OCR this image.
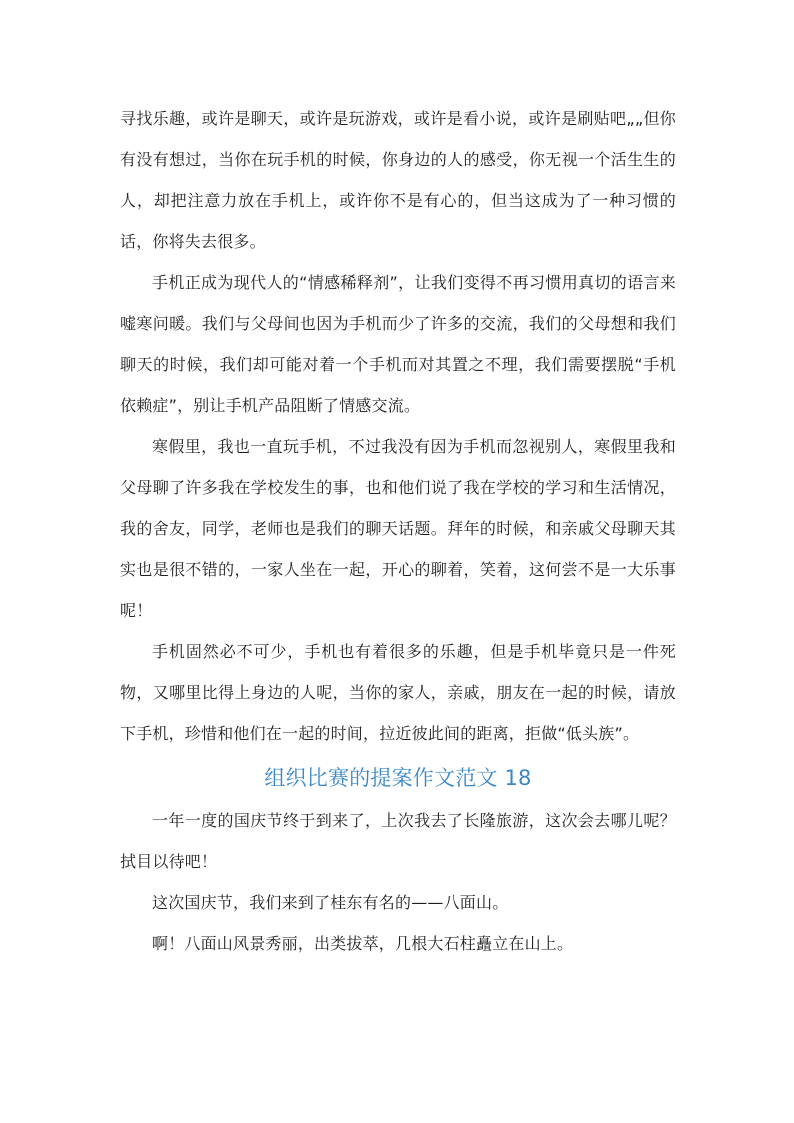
寻找乐趣，或许是聊天，或许是玩游戏，或许是看小说，或许是刷贴吧„„但你有没有想过，当你在玩手机的时候，你身边的人的感受，你无视一个活生生的人，却把注意力放在手机上，或许你不是有心的，但当这成为了一种习惯的话，你将失去很多。

手机正成为现代人的“情感稀释剂”，让我们变得不再习惯用真切的语言来嘘寒问暖。我们与父母间也因为手机而少了许多的交流，我们的父母想和我们聊天的时候，我们却可能对着一个手机而对其置之不理，我们需要摆脱“手机依赖症”，别让手机产品阻断了情感交流。

寒假里，我也一直玩手机，不过我没有因为手机而忽视别人，寒假里我和父母聊了许多我在学校发生的事，也和他们说了我在学校的学习和生活情况，我的舍友，同学，老师也是我们的聊天话题。拜年的时候，和亲戚父母聊天其实也是很不错的，一家人坐在一起，开心的聊着，笑着，这何尝不是一大乐事呢！

手机固然必不可少，手机也有着很多的乐趣，但是手机毕竟只是一件死物，又哪里比得上身边的人呢，当你的家人，亲戚，朋友在一起的时候，请放下手机，珍惜和他们在一起的时间，拉近彼此间的距离，拒做“低头族”。

组织比赛的提案作文范文 18

一年一度的国庆节终于到来了，上次我去了长隆旅游，这次会去哪儿呢？拭目以待吧！

这次国庆节，我们来到了桂东有名的——八面山。

啊！八面山风景秀丽，出类拔萃，几根大石柱矗立在山上。
